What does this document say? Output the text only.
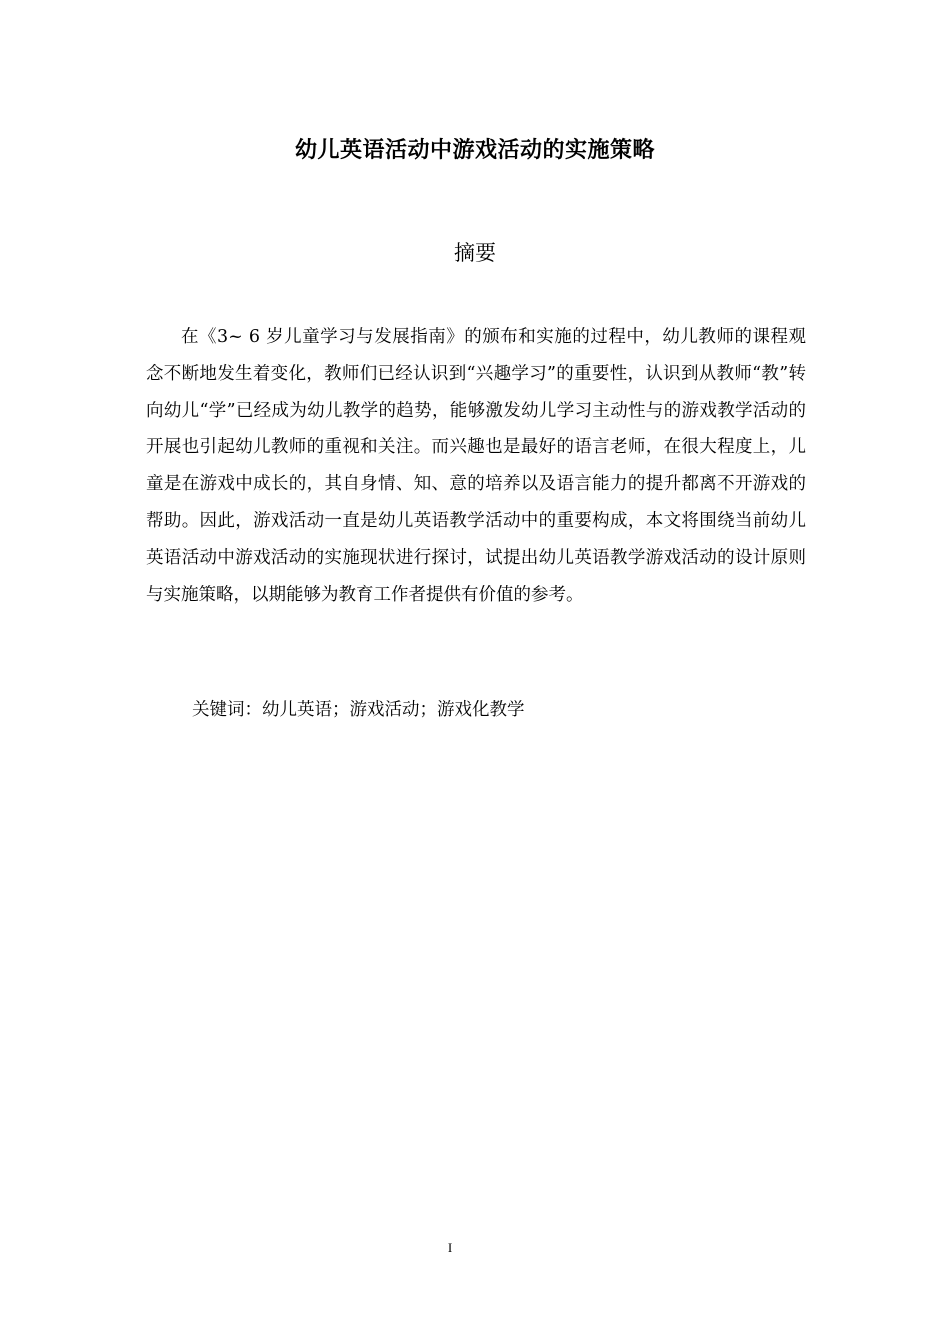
幼儿英语活动中游戏活动的实施策略
摘要

在《3~ 6 岁儿童学习与发展指南》的颁布和实施的过程中，幼儿教师的课程观念不断地发生着变化，教师们已经认识到“兴趣学习”的重要性，认识到从教师“教”转向幼儿“学”已经成为幼儿教学的趋势，能够激发幼儿学习主动性与的游戏教学活动的开展也引起幼儿教师的重视和关注。而兴趣也是最好的语言老师，在很大程度上，儿童是在游戏中成长的，其自身情、知、意的培养以及语言能力的提升都离不开游戏的帮助。因此，游戏活动一直是幼儿英语教学活动中的重要构成，本文将围绕当前幼儿英语活动中游戏活动的实施现状进行探讨，试提出幼儿英语教学游戏活动的设计原则与实施策略，以期能够为教育工作者提供有价值的参考。

关键词：幼儿英语；游戏活动；游戏化教学
I
